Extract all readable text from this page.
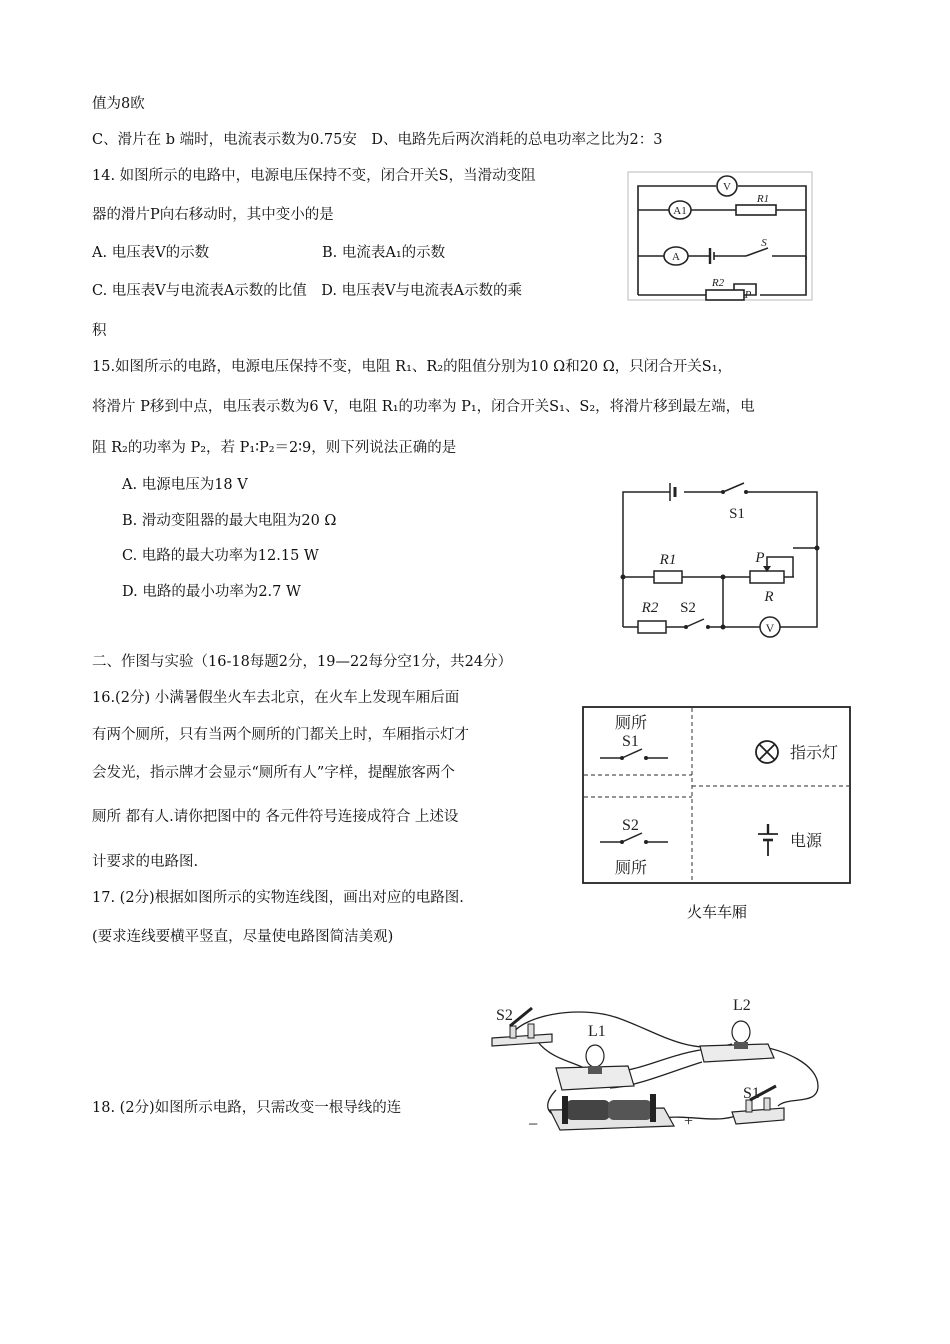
值为8欧
C、滑片在 b 端时，电流表示数为0.75安　D、电路先后两次消耗的总电功率之比为2：3
14. 如图所示的电路中，电源电压保持不变，闭合开关S，当滑动变阻
器的滑片P向右移动时，其中变小的是
A. 电压表V的示数	B. 电流表A₁的示数
C. 电压表V与电流表A示数的比值　D. 电压表V与电流表A示数的乘
积
15.如图所示的电路，电源电压保持不变，电阻 R₁、R₂的阻值分别为10 Ω和20 Ω，只闭合开关S₁，
将滑片 P移到中点，电压表示数为6 V，电阻 R₁的功率为 P₁，闭合开关S₁、S₂，将滑片移到最左端，电
阻 R₂的功率为 P₂，若 P₁∶P₂＝2∶9，则下列说法正确的是
A. 电源电压为18 V
B. 滑动变阻器的最大电阻为20 Ω
C. 电路的最大功率为12.15 W
D. 电路的最小功率为2.7 W
二、作图与实验（16-18每题2分，19—22每分空1分，共24分）
16.(2分) 小满暑假坐火车去北京，在火车上发现车厢后面
有两个厕所，只有当两个厕所的门都关上时，车厢指示灯才
会发光，指示牌才会显示“厕所有人”字样，提醒旅客两个
厕所 都有人.请你把图中的 各元件符号连接成符合 上述设
计要求的电路图.
17. (2分)根据如图所示的实物连线图，画出对应的电路图.
(要求连线要横平竖直，尽量使电路图简洁美观)
18. (2分)如图所示电路，只需改变一根导线的连
V
A1
A
R1
S
R2
P
S1
R1	P
R
R2 S2
V
厕所
S1
指示灯
S2
厕所
电源
火车车厢
S2
L1
L2
S1
−	+
